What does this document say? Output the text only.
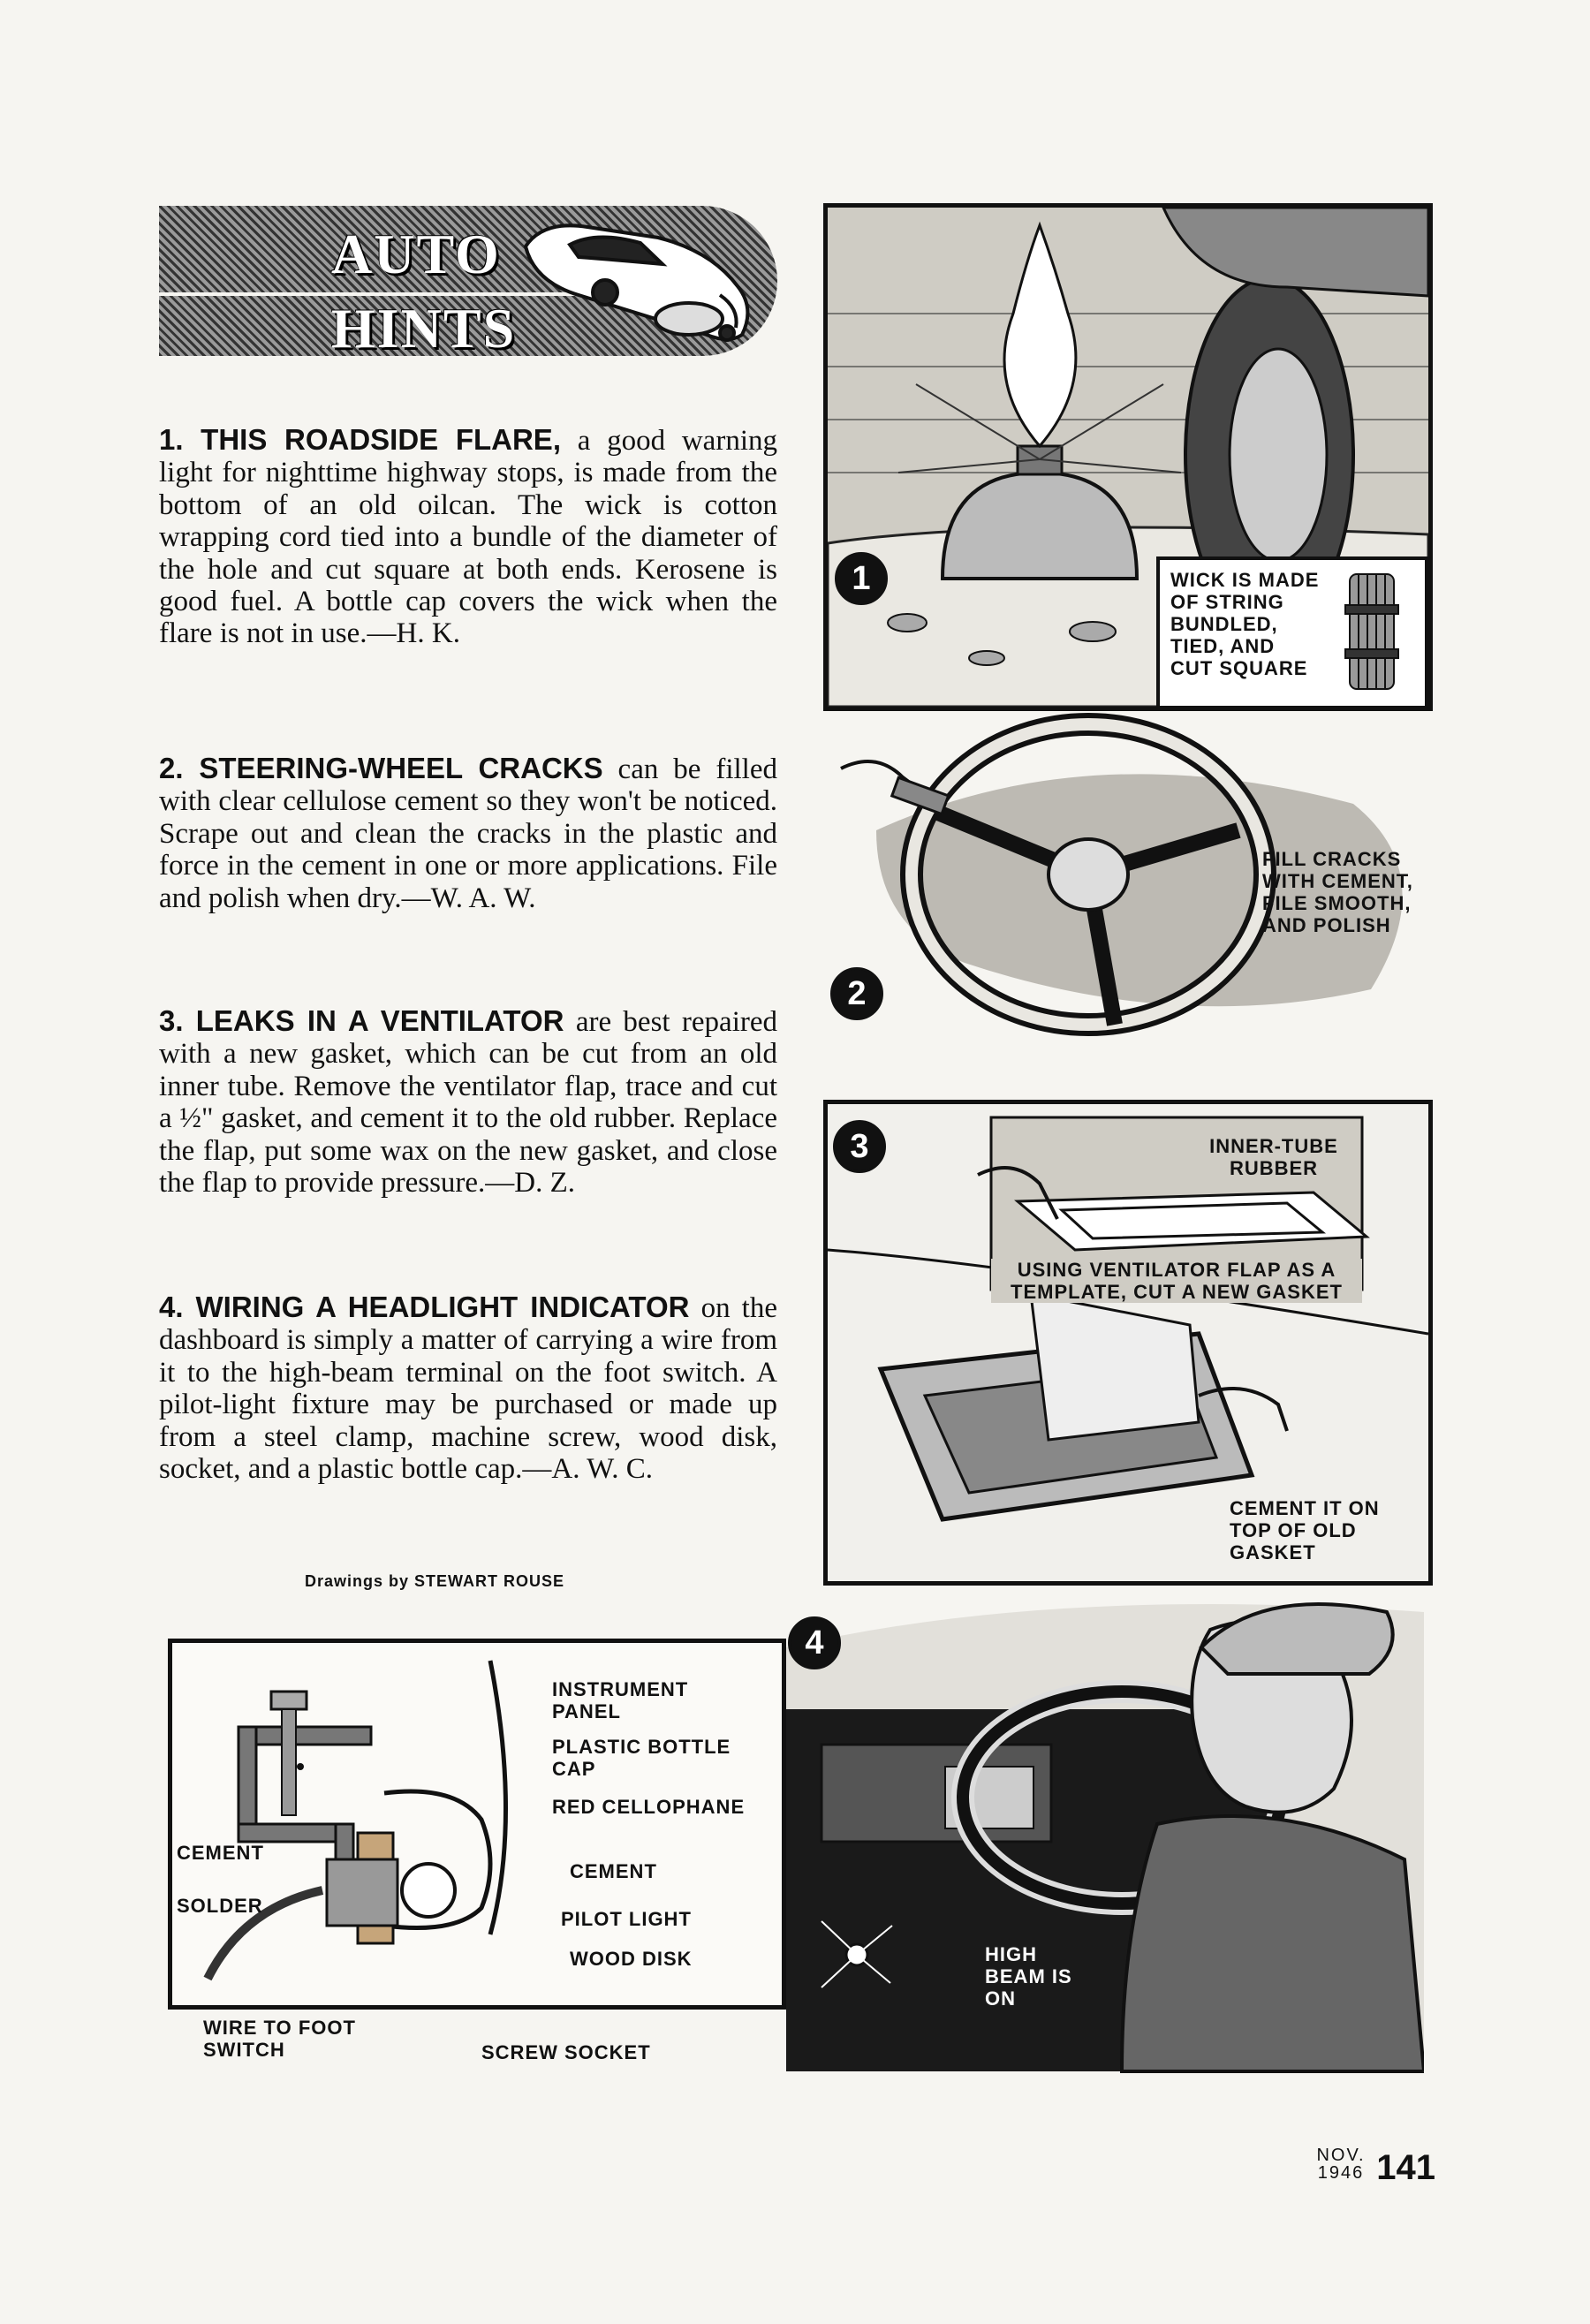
AUTO
HINTS

1. THIS ROADSIDE FLARE, a good warning light for nighttime highway stops, is made from the bottom of an old oilcan. The wick is cotton wrapping cord tied into a bundle of the diameter of the hole and cut square at both ends. Kerosene is good fuel. A bottle cap covers the wick when the flare is not in use.—H. K.

2. STEERING-WHEEL CRACKS can be filled with clear cellulose cement so they won't be noticed. Scrape out and clean the cracks in the plastic and force in the cement in one or more applications. File and polish when dry.—W. A. W.

3. LEAKS IN A VENTILATOR are best repaired with a new gasket, which can be cut from an old inner tube. Remove the ventilator flap, trace and cut a ½" gasket, and cement it to the old rubber. Replace the flap, put some wax on the new gasket, and close the flap to provide pressure.—D. Z.

4. WIRING A HEADLIGHT INDICATOR on the dashboard is simply a matter of carrying a wire from it to the high-beam terminal on the foot switch. A pilot-light fixture may be purchased or made up from a steel clamp, machine screw, wood disk, socket, and a plastic bottle cap.—A. W. C.

Drawings by STEWART ROUSE
1	WICK IS MADE OF STRING BUNDLED, TIED, AND CUT SQUARE
2
FILL CRACKS WITH CEMENT, FILE SMOOTH, AND POLISH
3	INNER-TUBE RUBBER
USING VENTILATOR FLAP AS A TEMPLATE, CUT A NEW GASKET
CEMENT IT ON TOP OF OLD GASKET
INSTRUMENT PANEL
PLASTIC BOTTLE CAP
RED CELLOPHANE
CEMENT
PILOT LIGHT
WOOD DISK
CEMENT
SOLDER
WIRE TO FOOT SWITCH	SCREW SOCKET
4
HIGH BEAM IS ON
NOV.
1946 141
